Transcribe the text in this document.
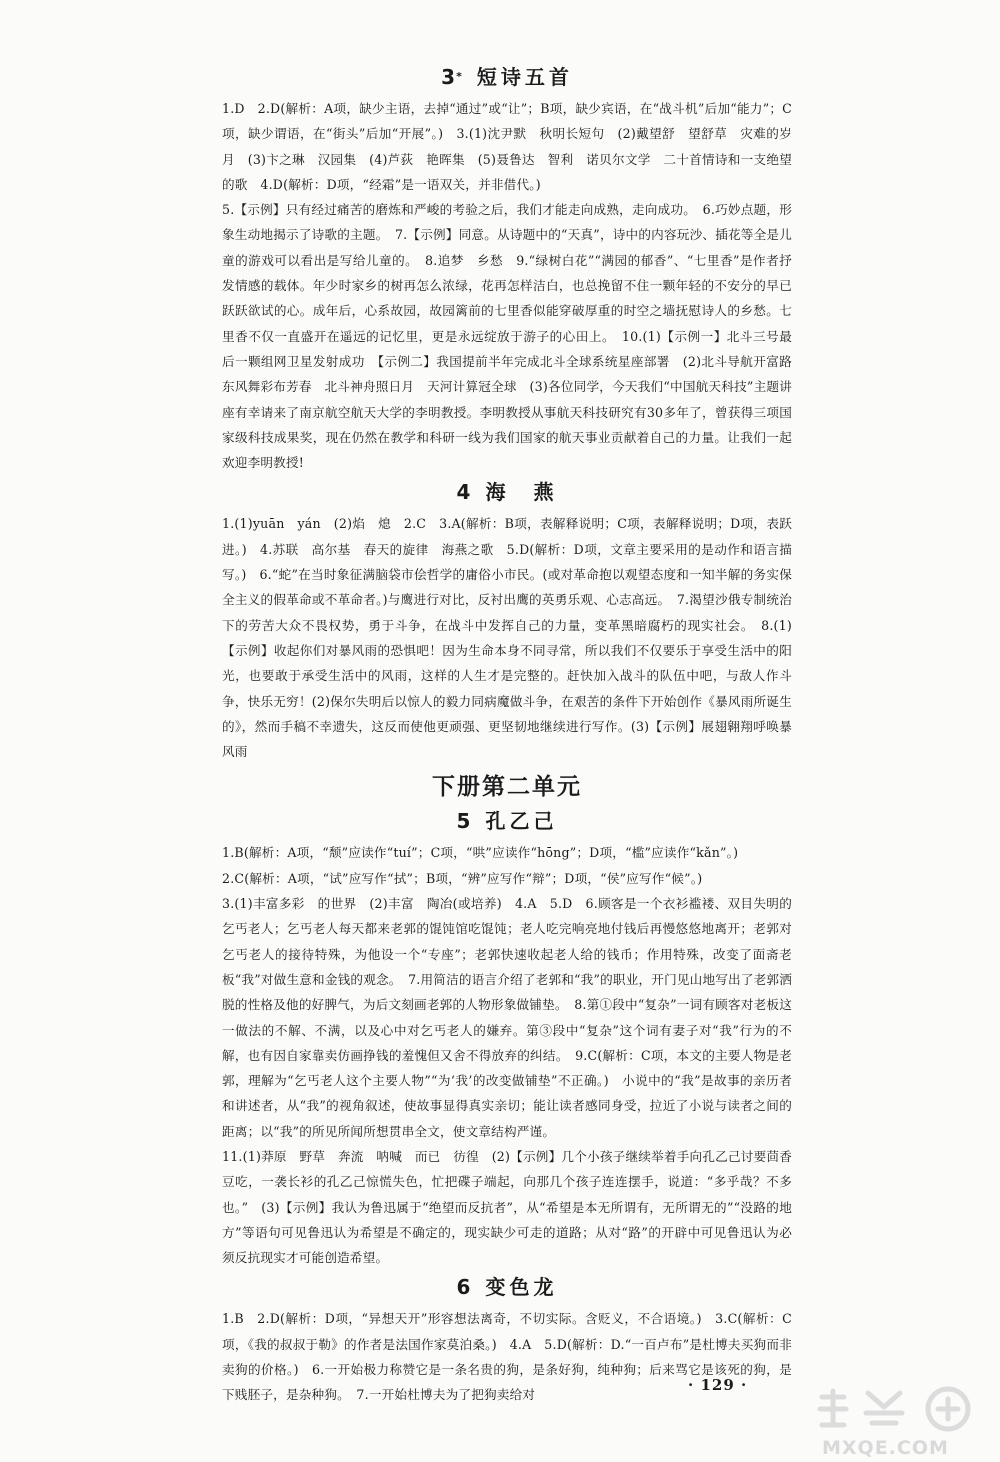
3* 短诗五首

1.D　2.D(解析：A项，缺少主语，去掉“通过”或“让”；B项，缺少宾语，在“战斗机”后加“能力”；C项，缺少谓语，在“街头”后加“开展”。)　3.(1)沈尹默　秋明长短句　(2)戴望舒　望舒草　灾难的岁月　(3)卞之琳　汉园集　(4)芦荻　艳晖集　(5)聂鲁达　智利　诺贝尔文学　二十首情诗和一支绝望的歌　4.D(解析：D项，“经霜”是一语双关，并非借代。)

5.【示例】只有经过痛苦的磨炼和严峻的考验之后，我们才能走向成熟，走向成功。　6.巧妙点题，形象生动地揭示了诗歌的主题。　7.【示例】同意。从诗题中的“天真”，诗中的内容玩沙、插花等全是儿童的游戏可以看出是写给儿童的。　8.追梦　乡愁　9.“绿树白花”“满园的郁香”、“七里香”是作者抒发情感的载体。年少时家乡的树再怎么浓绿，花再怎样洁白，也总挽留不住一颗年轻的不安分的早已跃跃欲试的心。成年后，心系故园，故园篱前的七里香似能穿破厚重的时空之墙抚慰诗人的乡愁。七里香不仅一直盛开在遥远的记忆里，更是永远绽放于游子的心田上。　10.(1)【示例一】北斗三号最后一颗组网卫星发射成功　【示例二】我国提前半年完成北斗全球系统星座部署　(2)北斗导航开富路　东风舞彩布芳春　北斗神舟照日月　天河计算冠全球　(3)各位同学，今天我们“中国航天科技”主题讲座有幸请来了南京航空航天大学的李明教授。李明教授从事航天科技研究有30多年了，曾获得三项国家级科技成果奖，现在仍然在教学和科研一线为我们国家的航天事业贡献着自己的力量。让我们一起欢迎李明教授!

4 海　燕

1.(1)yuān　yán　(2)焰　熄　2.C　3.A(解析：B项，表解释说明；C项，表解释说明；D项，表跃进。)　4.苏联　高尔基　春天的旋律　海燕之歌　5.D(解析：D项，文章主要采用的是动作和语言描写。)　6.“蛇”在当时象征满脑袋市侩哲学的庸俗小市民。(或对革命抱以观望态度和一知半解的务实保全主义的假革命或不革命者。)与鹰进行对比，反衬出鹰的英勇乐观、心志高远。　7.渴望沙俄专制统治下的劳苦大众不畏权势，勇于斗争，在战斗中发挥自己的力量，变革黑暗腐朽的现实社会。　8.(1)【示例】收起你们对暴风雨的恐惧吧！因为生命本身不同寻常，所以我们不仅要乐于享受生活中的阳光，也要敢于承受生活中的风雨，这样的人生才是完整的。赶快加入战斗的队伍中吧，与敌人作斗争，快乐无穷！(2)保尔失明后以惊人的毅力同病魔做斗争，在艰苦的条件下开始创作《暴风雨所诞生的》，然而手稿不幸遗失，这反而使他更顽强、更坚韧地继续进行写作。(3)【示例】展翅翱翔呼唤暴风雨

下册第二单元
5 孔乙己

1.B(解析：A项，“颓”应读作“tuí”；C项，“哄”应读作“hōng”；D项，“槛”应读作“kǎn”。)

2.C(解析：A项，“试”应写作“拭”；B项，“辨”应写作“辩”；D项，“侯”应写作“候”。)

3.(1)丰富多彩　的世界　(2)丰富　陶冶(或培养)　4.A　5.D　6.顾客是一个衣衫褴褛、双目失明的乞丐老人；乞丐老人每天都来老郭的馄饨馆吃馄饨；老人吃完响亮地付钱后再慢悠悠地离开；老郭对乞丐老人的接待特殊，为他设一个“专座”；老郭快速收起老人给的钱币；作用特殊，改变了面斋老板“我”对做生意和金钱的观念。　7.用简洁的语言介绍了老郭和“我”的职业，开门见山地写出了老郭洒脱的性格及他的好脾气，为后文刻画老郭的人物形象做铺垫。　8.第①段中“复杂”一词有顾客对老板这一做法的不解、不满，以及心中对乞丐老人的嫌弃。第③段中“复杂”这个词有妻子对“我”行为的不解，也有因自家靠卖仿画挣钱的羞愧但又舍不得放弃的纠结。　9.C(解析：C项，本文的主要人物是老郭，理解为“乞丐老人这个主要人物”“为‘我’的改变做铺垫”不正确。)　小说中的“我”是故事的亲历者和讲述者，从“我”的视角叙述，使故事显得真实亲切；能让读者感同身受，拉近了小说与读者之间的距离；以“我”的所见所闻所想贯串全文，使文章结构严谨。

11.(1)莽原　野草　奔流　呐喊　而已　彷徨　(2)【示例】几个小孩子继续举着手向孔乙己讨要茴香豆吃，一袭长衫的孔乙己惊慌失色，忙把碟子端起，向那几个孩子连连摆手，说道：“多乎哉？不多也。”　(3)【示例】我认为鲁迅属于“绝望而反抗者”，从“希望是本无所谓有，无所谓无的”“没路的地方”等语句可见鲁迅认为希望是不确定的，现实缺少可走的道路；从对“路”的开辟中可见鲁迅认为必须反抗现实才可能创造希望。

6 变色龙

1.B　2.D(解析：D项，“异想天开”形容想法离奇，不切实际。含贬义，不合语境。)　3.C(解析：C项，《我的叔叔于勒》的作者是法国作家莫泊桑。)　4.A　5.D(解析：D.“一百卢布”是杜博夫买狗而非卖狗的价格。)　6.一开始极力称赞它是一条名贵的狗，是条好狗，纯种狗；后来骂它是该死的狗，是下贱胚子，是杂种狗。　7.一开始杜博夫为了把狗卖给对

· 129 ·
MXQE.COM
